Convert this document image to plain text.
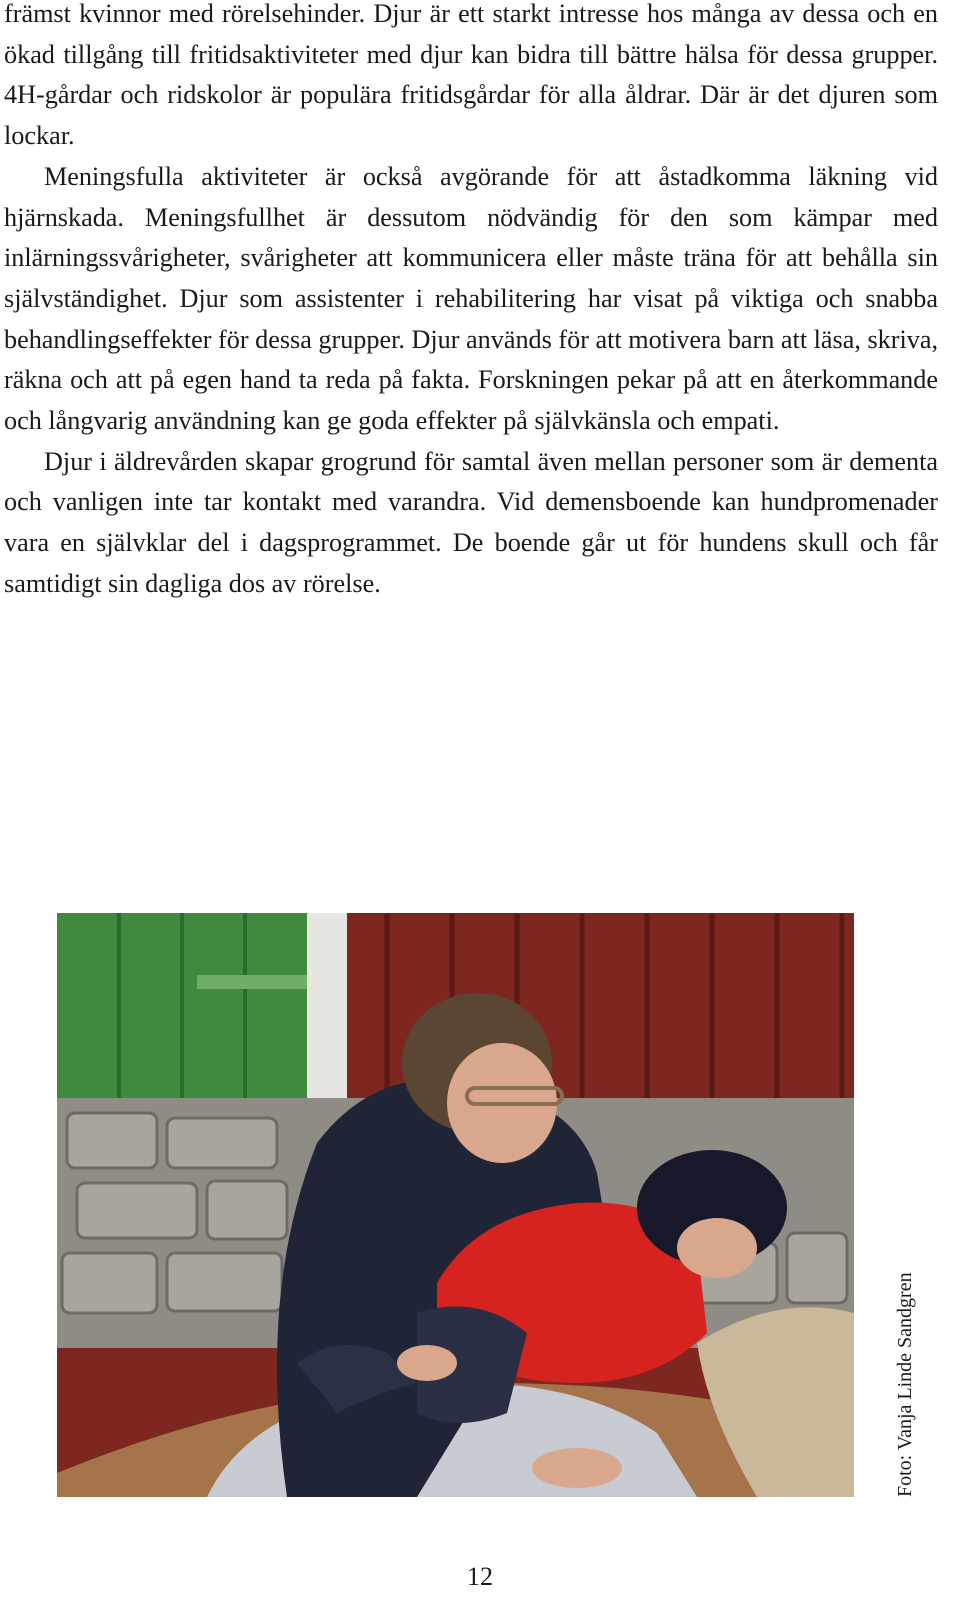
främst kvinnor med rörelsehinder. Djur är ett starkt intresse hos många av dessa och en ökad tillgång till fritidsaktiviteter med djur kan bidra till bättre hälsa för dessa grupper. 4H-gårdar och ridskolor är populära fritidsgårdar för alla åldrar. Där är det djuren som lockar.

Meningsfulla aktiviteter är också avgörande för att åstadkomma läkning vid hjärnskada. Meningsfullhet är dessutom nödvändig för den som kämpar med inlärningssvårigheter, svårigheter att kommunicera eller måste träna för att behålla sin självständighet. Djur som assistenter i rehabilitering har visat på viktiga och snabba behandlingseffekter för dessa grupper. Djur används för att motivera barn att läsa, skriva, räkna och att på egen hand ta reda på fakta. Forskningen pekar på att en återkommande och långvarig användning kan ge goda effekter på självkänsla och empati.

Djur i äldrevården skapar grogrund för samtal även mellan personer som är dementa och vanligen inte tar kontakt med varandra. Vid demensboende kan hundpromenader vara en självklar del i dagsprogrammet. De boende går ut för hundens skull och får samtidigt sin dagliga dos av rörelse.

Foto: Vanja Linde Sandgren
12
